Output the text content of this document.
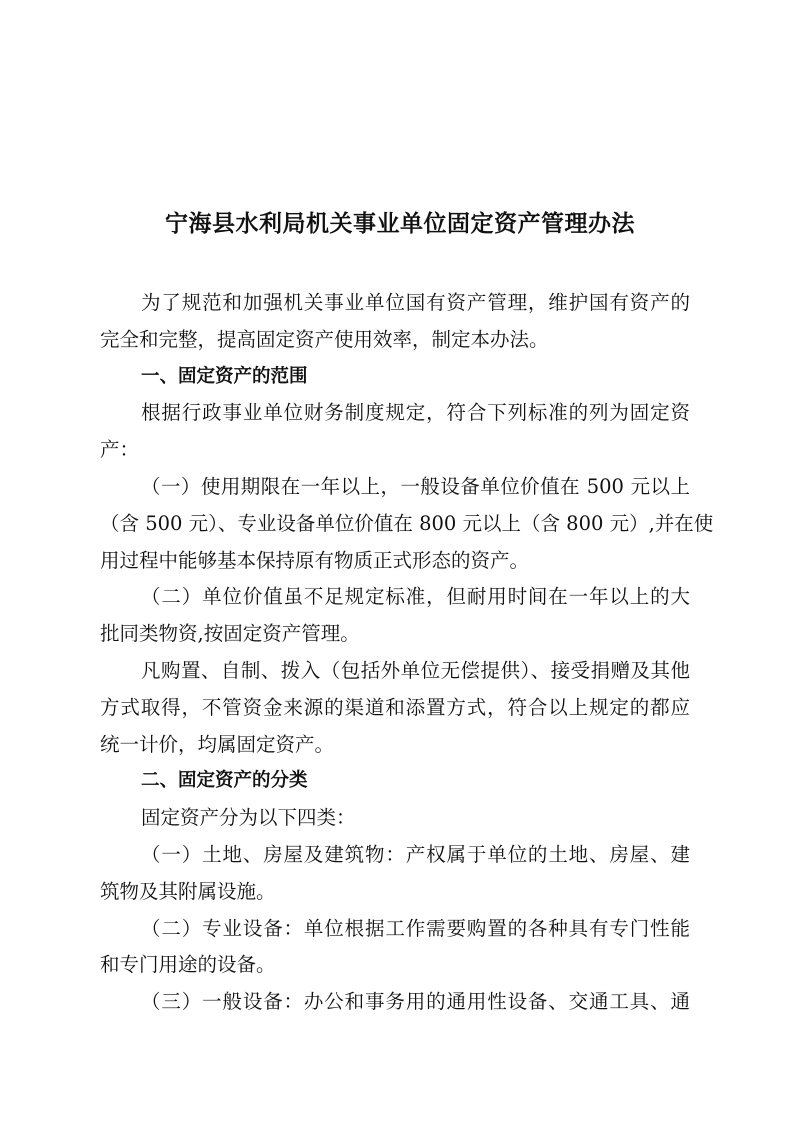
宁海县水利局机关事业单位固定资产管理办法
为了规范和加强机关事业单位国有资产管理，维护国有资产的
完全和完整，提高固定资产使用效率，制定本办法。
一、固定资产的范围
根据行政事业单位财务制度规定，符合下列标准的列为固定资
产：
（一）使用期限在一年以上，一般设备单位价值在 500 元以上
（含 500 元）、专业设备单位价值在 800 元以上（含 800 元）,并在使
用过程中能够基本保持原有物质正式形态的资产。
（二）单位价值虽不足规定标准，但耐用时间在一年以上的大
批同类物资,按固定资产管理。
凡购置、自制、拨入（包括外单位无偿提供）、接受捐赠及其他
方式取得，不管资金来源的渠道和添置方式，符合以上规定的都应
统一计价，均属固定资产。
二、固定资产的分类
固定资产分为以下四类：
（一）土地、房屋及建筑物：产权属于单位的土地、房屋、建
筑物及其附属设施。
（二）专业设备：单位根据工作需要购置的各种具有专门性能
和专门用途的设备。
（三）一般设备：办公和事务用的通用性设备、交通工具、通
